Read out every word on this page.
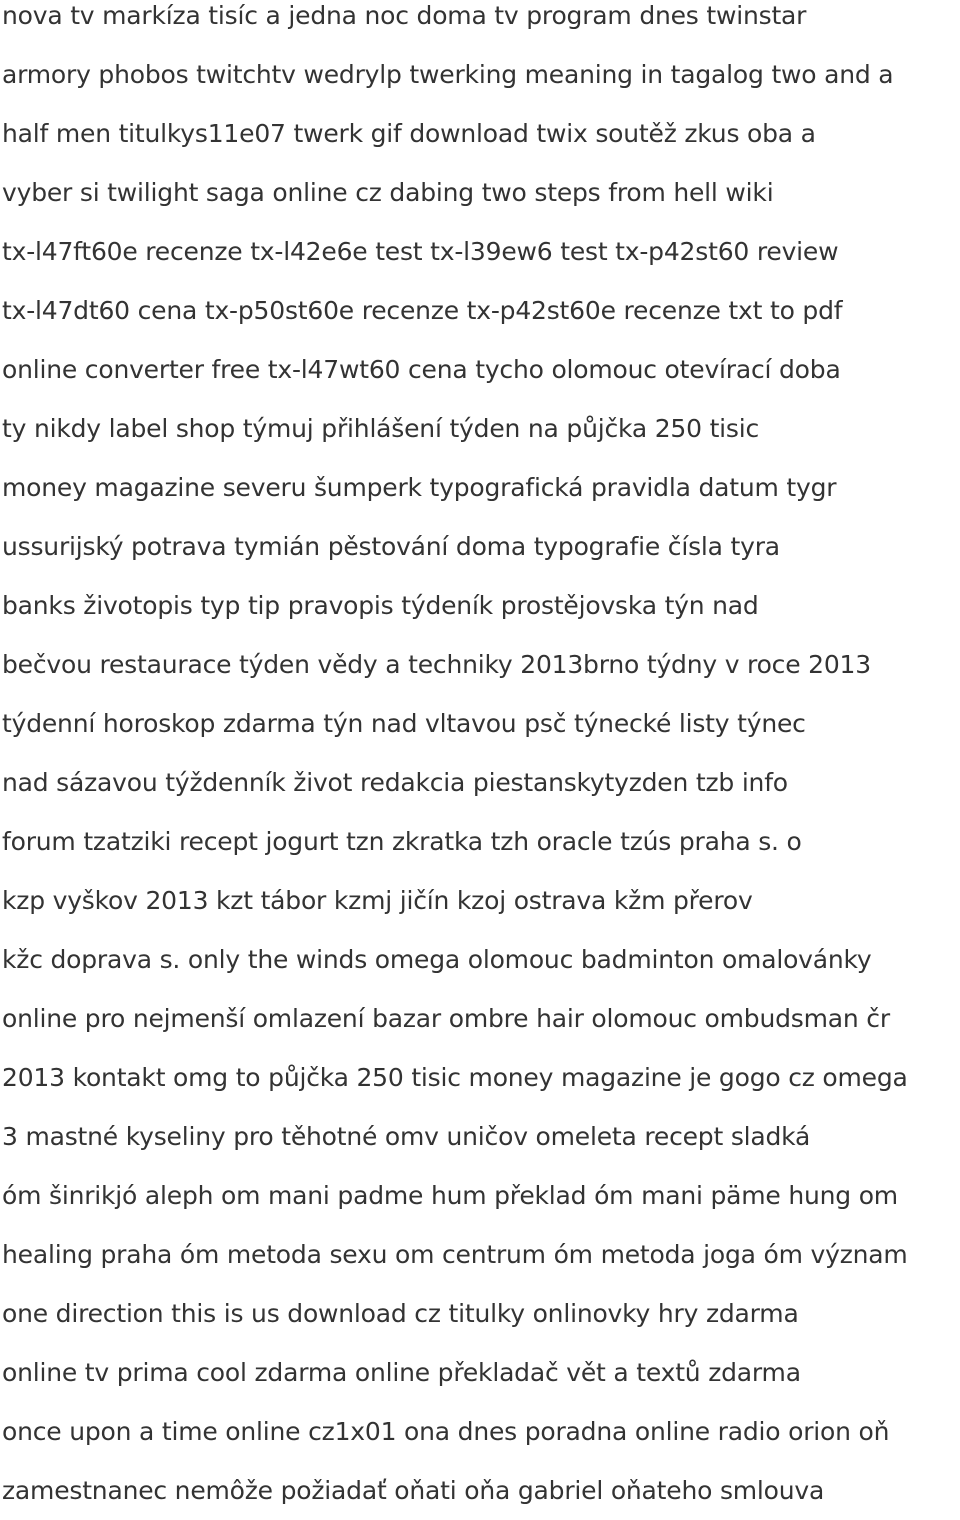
nova tv markíza tisíc a jedna noc doma tv program dnes twinstar
armory phobos twitchtv wedrylp twerking meaning in tagalog two and a
half men titulkys11e07 twerk gif download twix soutěž zkus oba a
vyber si twilight saga online cz dabing two steps from hell wiki
tx-l47ft60e recenze tx-l42e6e test tx-l39ew6 test tx-p42st60 review
tx-l47dt60 cena tx-p50st60e recenze tx-p42st60e recenze txt to pdf
online converter free tx-l47wt60 cena tycho olomouc otevírací doba
ty nikdy label shop týmuj přihlášení týden na půjčka 250 tisic
money magazine severu šumperk typografická pravidla datum tygr
ussurijský potrava tymián pěstování doma typografie čísla tyra
banks životopis typ tip pravopis týdeník prostějovska týn nad
bečvou restaurace týden vědy a techniky 2013brno týdny v roce 2013
týdenní horoskop zdarma týn nad vltavou psč týnecké listy týnec
nad sázavou týždenník život redakcia piestanskytyzden tzb info
forum tzatziki recept jogurt tzn zkratka tzh oracle tzús praha s. o
kzp vyškov 2013 kzt tábor kzmj jičín kzoj ostrava kžm přerov
kžc doprava s. only the winds omega olomouc badminton omalovánky
online pro nejmenší omlazení bazar ombre hair olomouc ombudsman čr
2013 kontakt omg to půjčka 250 tisic money magazine je gogo cz omega
3 mastné kyseliny pro těhotné omv uničov omeleta recept sladká
óm šinrikjó aleph om mani padme hum překlad óm mani päme hung om
healing praha óm metoda sexu om centrum óm metoda joga óm význam
one direction this is us download cz titulky onlinovky hry zdarma
online tv prima cool zdarma online překladač vět a textů zdarma
once upon a time online cz1x01 ona dnes poradna online radio orion oň
zamestnanec nemôže požiadať oňati oňa gabriel oňateho smlouva
